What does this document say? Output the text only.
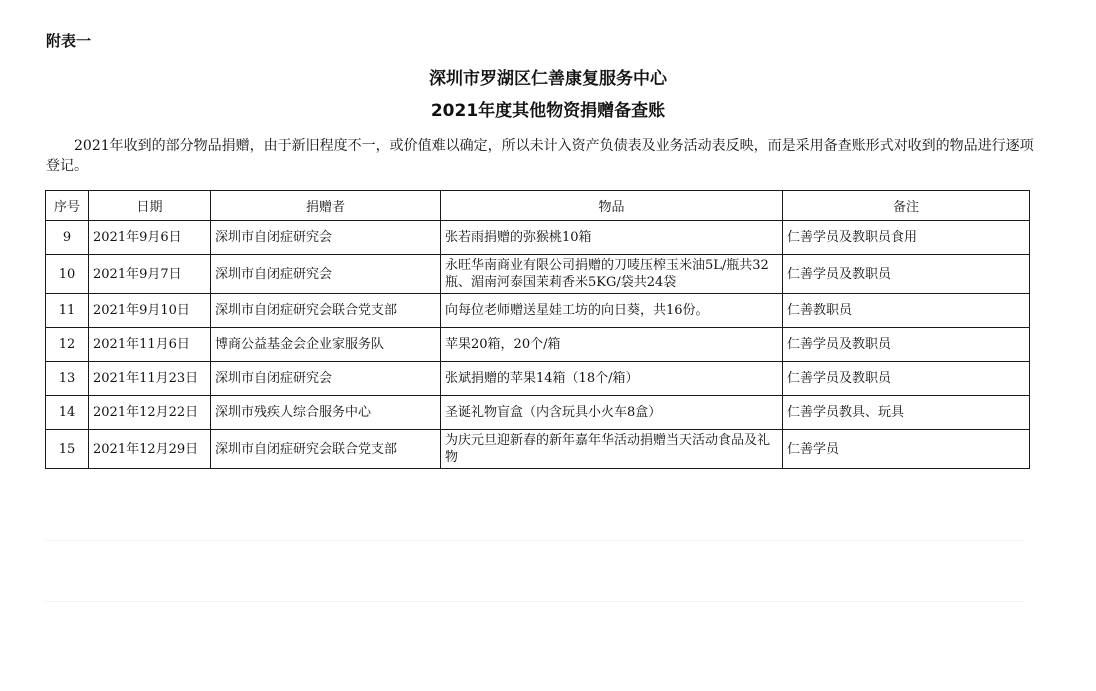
附表一
深圳市罗湖区仁善康复服务中心
2021年度其他物资捐赠备查账
2021年收到的部分物品捐赠，由于新旧程度不一，或价值难以确定，所以未计入资产负债表及业务活动表反映，而是采用备查账形式对收到的物品进行逐项登记。
序号	日期	捐赠者	物品	备注
9	2021年9月6日	深圳市自闭症研究会	张若雨捐赠的弥猴桃10箱	仁善学员及教职员食用
10	2021年9月7日	深圳市自闭症研究会	永旺华南商业有限公司捐赠的刀唛压榨玉米油5L/瓶共32瓶、湄南河泰国茉莉香米5KG/袋共24袋	仁善学员及教职员
11	2021年9月10日	深圳市自闭症研究会联合党支部	向每位老师赠送星娃工坊的向日葵，共16份。	仁善教职员
12	2021年11月6日	博商公益基金会企业家服务队	苹果20箱，20个/箱	仁善学员及教职员
13	2021年11月23日	深圳市自闭症研究会	张斌捐赠的苹果14箱（18个/箱）	仁善学员及教职员
14	2021年12月22日	深圳市残疾人综合服务中心	圣诞礼物盲盒（内含玩具小火车8盒）	仁善学员教具、玩具
15	2021年12月29日	深圳市自闭症研究会联合党支部	为庆元旦迎新春的新年嘉年华活动捐赠当天活动食品及礼物	仁善学员
